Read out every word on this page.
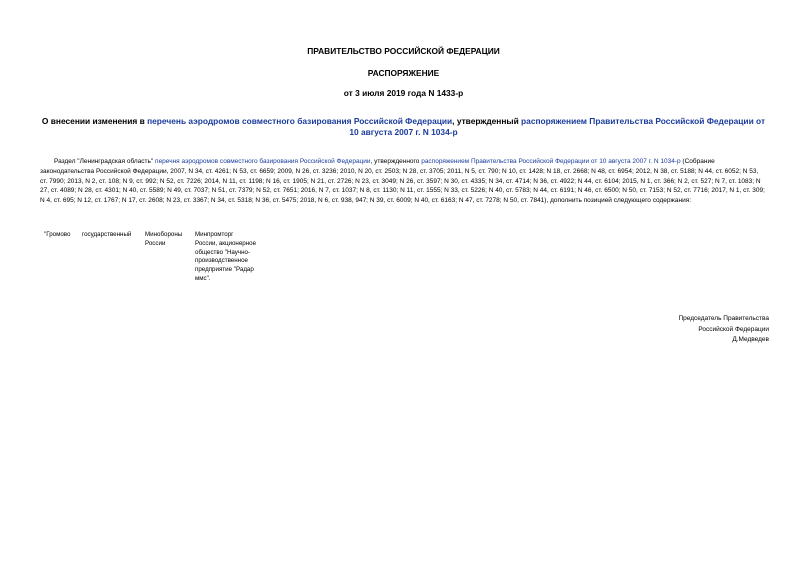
ПРАВИТЕЛЬСТВО РОССИЙСКОЙ ФЕДЕРАЦИИ

РАСПОРЯЖЕНИЕ

от 3 июля 2019 года N 1433-р

О внесении изменения в перечень аэродромов совместного базирования Российской Федерации, утвержденный распоряжением Правительства Российской Федерации от 10 августа 2007 г. N 1034-р

Раздел "Ленинградская область" перечня аэродромов совместного базирования Российской Федерации, утвержденного распоряжением Правительства Российской Федерации от 10 августа 2007 г. N 1034-р (Собрание законодательства Российской Федерации, 2007, N 34, ст. 4261; N 53, ст. 6659; 2009, N 26, ст. 3236; 2010, N 20, ст. 2503; N 28, ст. 3705; 2011, N 5, ст. 790; N 10, ст. 1428; N 18, ст. 2668; N 48, ст. 6954; 2012, N 38, ст. 5188; N 44, ст. 6052; N 53, ст. 7990; 2013, N 2, ст. 108; N 9, ст. 992; N 52, ст. 7226; 2014, N 11, ст. 1198; N 16, ст. 1905; N 21, ст. 2726; N 23, ст. 3049; N 26, ст. 3597; N 30, ст. 4335; N 34, ст. 4714; N 36, ст. 4922; N 44, ст. 6104; 2015, N 1, ст. 366; N 2, ст. 527; N 7, ст. 1083; N 27, ст. 4089; N 28, ст. 4301; N 40, ст. 5589; N 49, ст. 7037; N 51, ст. 7379; N 52, ст. 7651; 2016, N 7, ст. 1037; N 8, ст. 1130; N 11, ст. 1555; N 33, ст. 5226; N 40, ст. 5783; N 44, ст. 6191; N 46, ст. 6500; N 50, ст. 7153; N 52, ст. 7716; 2017, N 1, ст. 309; N 4, ст. 695; N 12, ст. 1767; N 17, ст. 2608; N 23, ст. 3367; N 34, ст. 5318; N 36, ст. 5475; 2018, N 6, ст. 938, 947; N 39, ст. 6009; N 40, ст. 6163; N 47, ст. 7278; N 50, ст. 7841), дополнить позицией следующего содержания:

"Громово	государственный	Минобороны России
Минпромторг России, акционерное общество "Научно-производственное предприятие "Радар ммс".
Председатель Правительства
Российской Федерации
Д.Медведев
